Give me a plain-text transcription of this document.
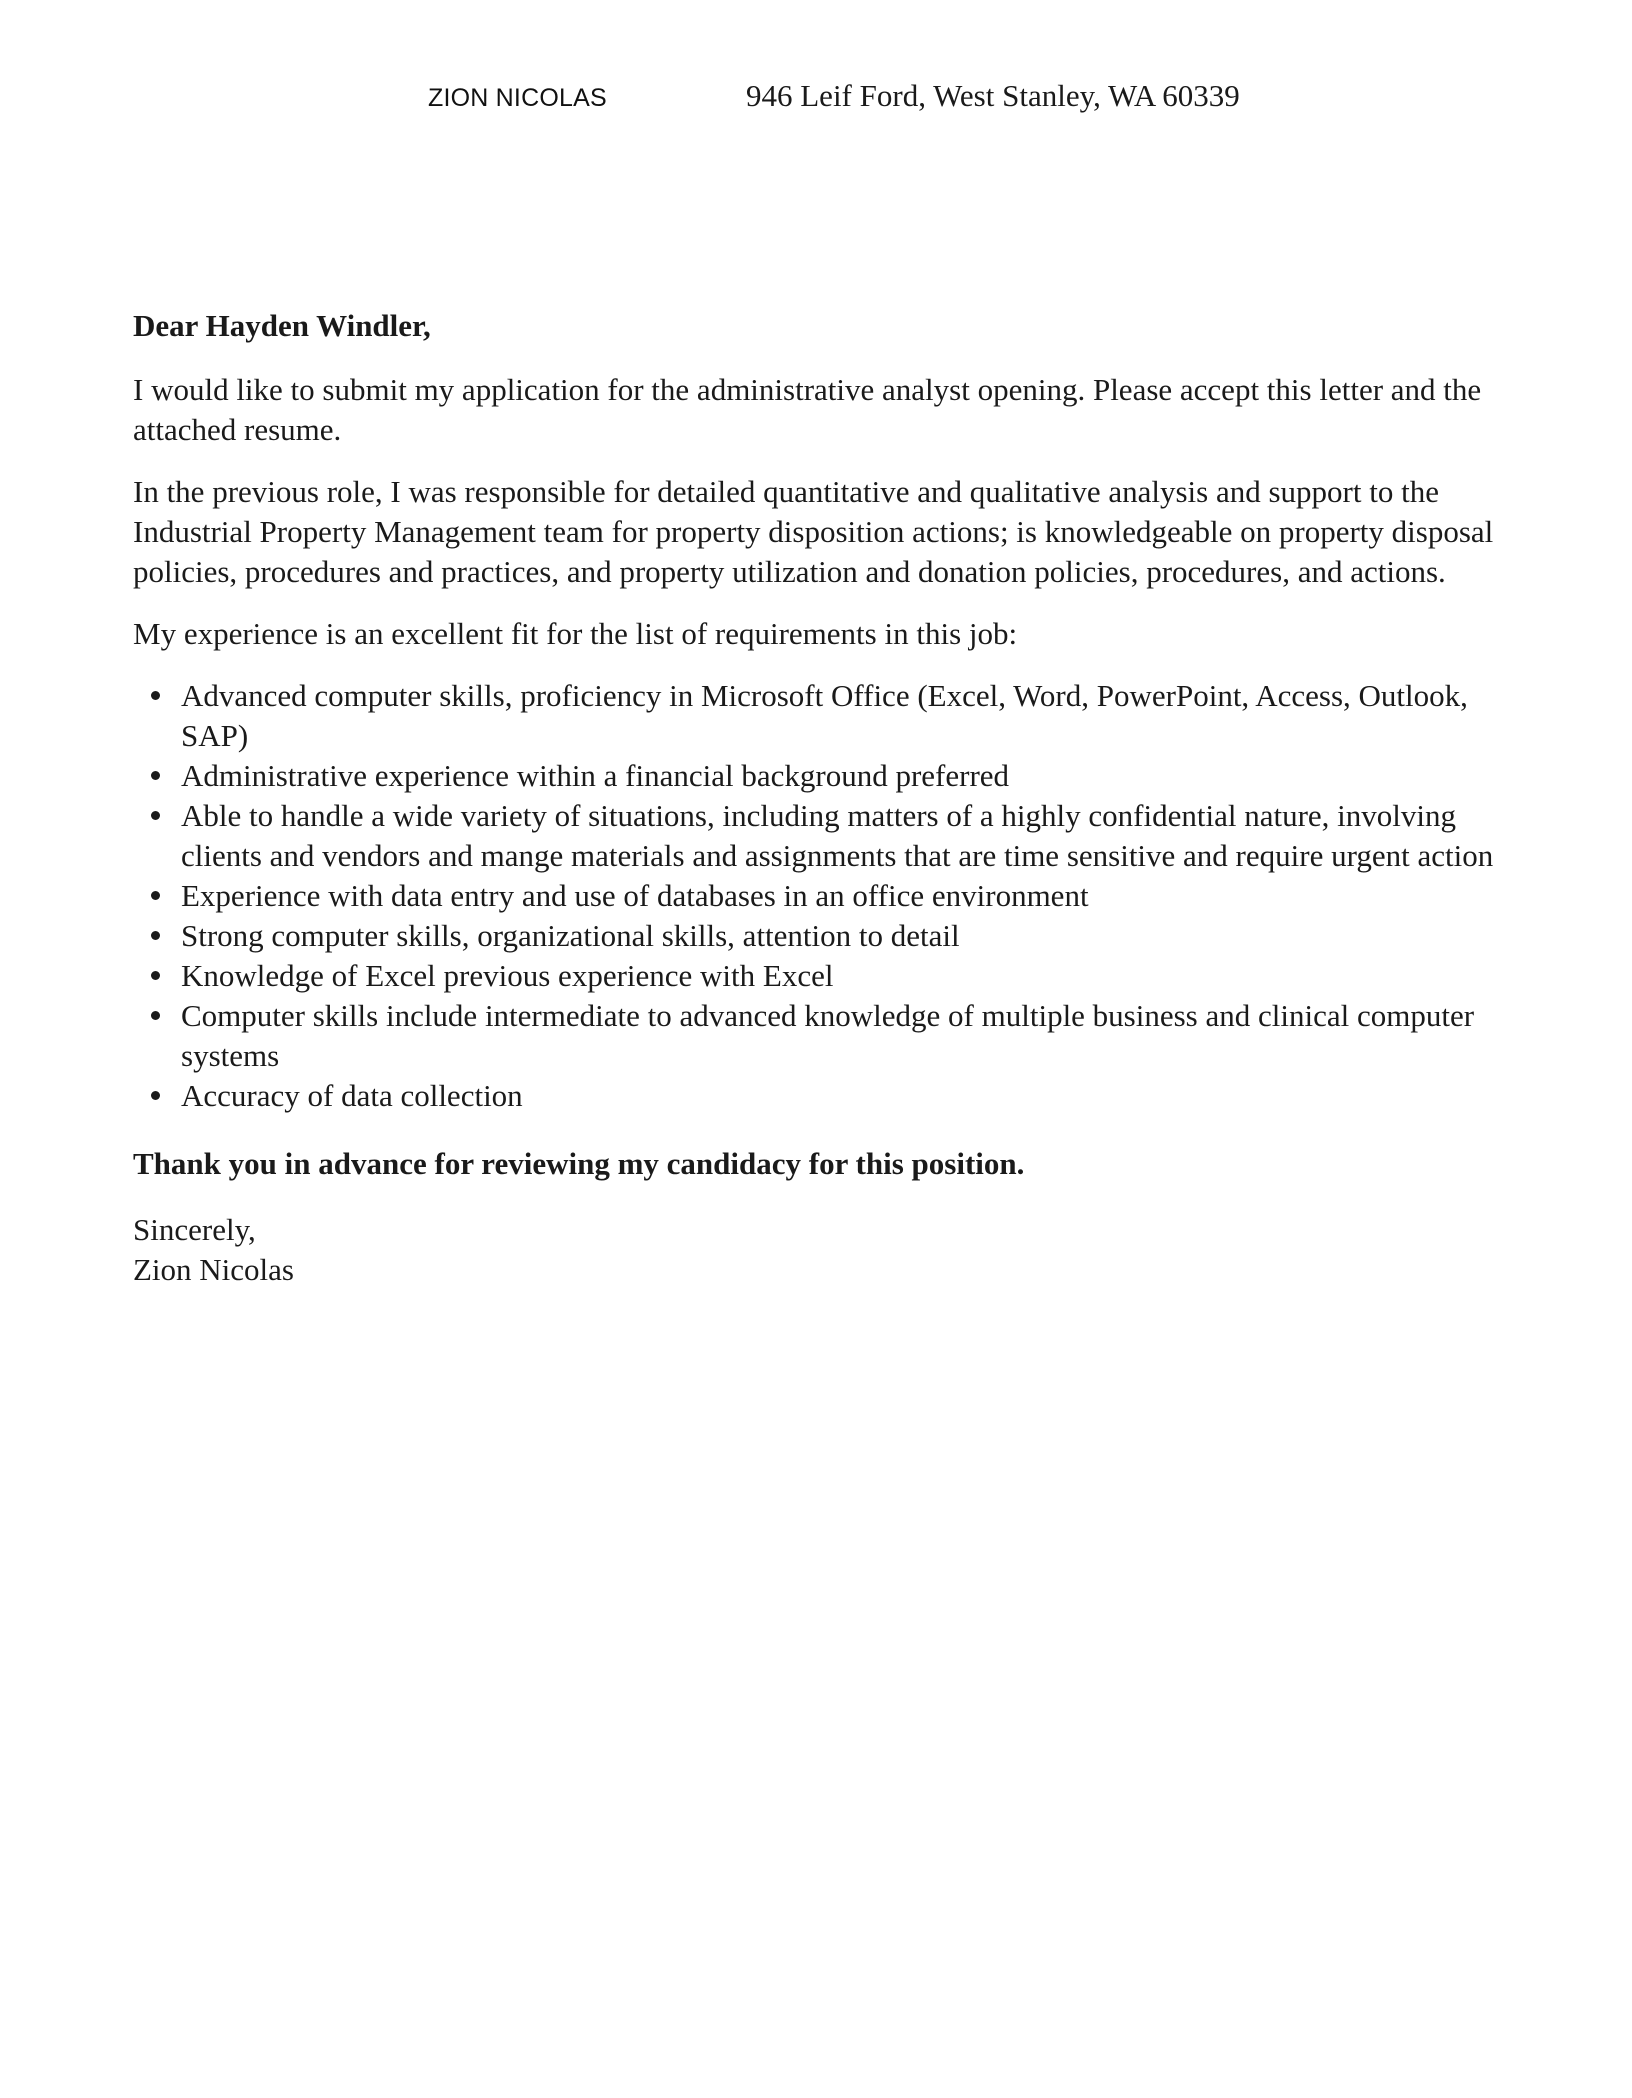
ZION NICOLAS	946 Leif Ford, West Stanley, WA 60339

Dear Hayden Windler,

I would like to submit my application for the administrative analyst opening. Please accept this letter and the attached resume.

In the previous role, I was responsible for detailed quantitative and qualitative analysis and support to the Industrial Property Management team for property disposition actions; is knowledgeable on property disposal policies, procedures and practices, and property utilization and donation policies, procedures, and actions.

My experience is an excellent fit for the list of requirements in this job:

Advanced computer skills, proficiency in Microsoft Office (Excel, Word, PowerPoint, Access, Outlook, SAP)
Administrative experience within a financial background preferred
Able to handle a wide variety of situations, including matters of a highly confidential nature, involving clients and vendors and mange materials and assignments that are time sensitive and require urgent action
Experience with data entry and use of databases in an office environment
Strong computer skills, organizational skills, attention to detail
Knowledge of Excel previous experience with Excel
Computer skills include intermediate to advanced knowledge of multiple business and clinical computer systems
Accuracy of data collection

Thank you in advance for reviewing my candidacy for this position.

Sincerely,

Zion Nicolas
